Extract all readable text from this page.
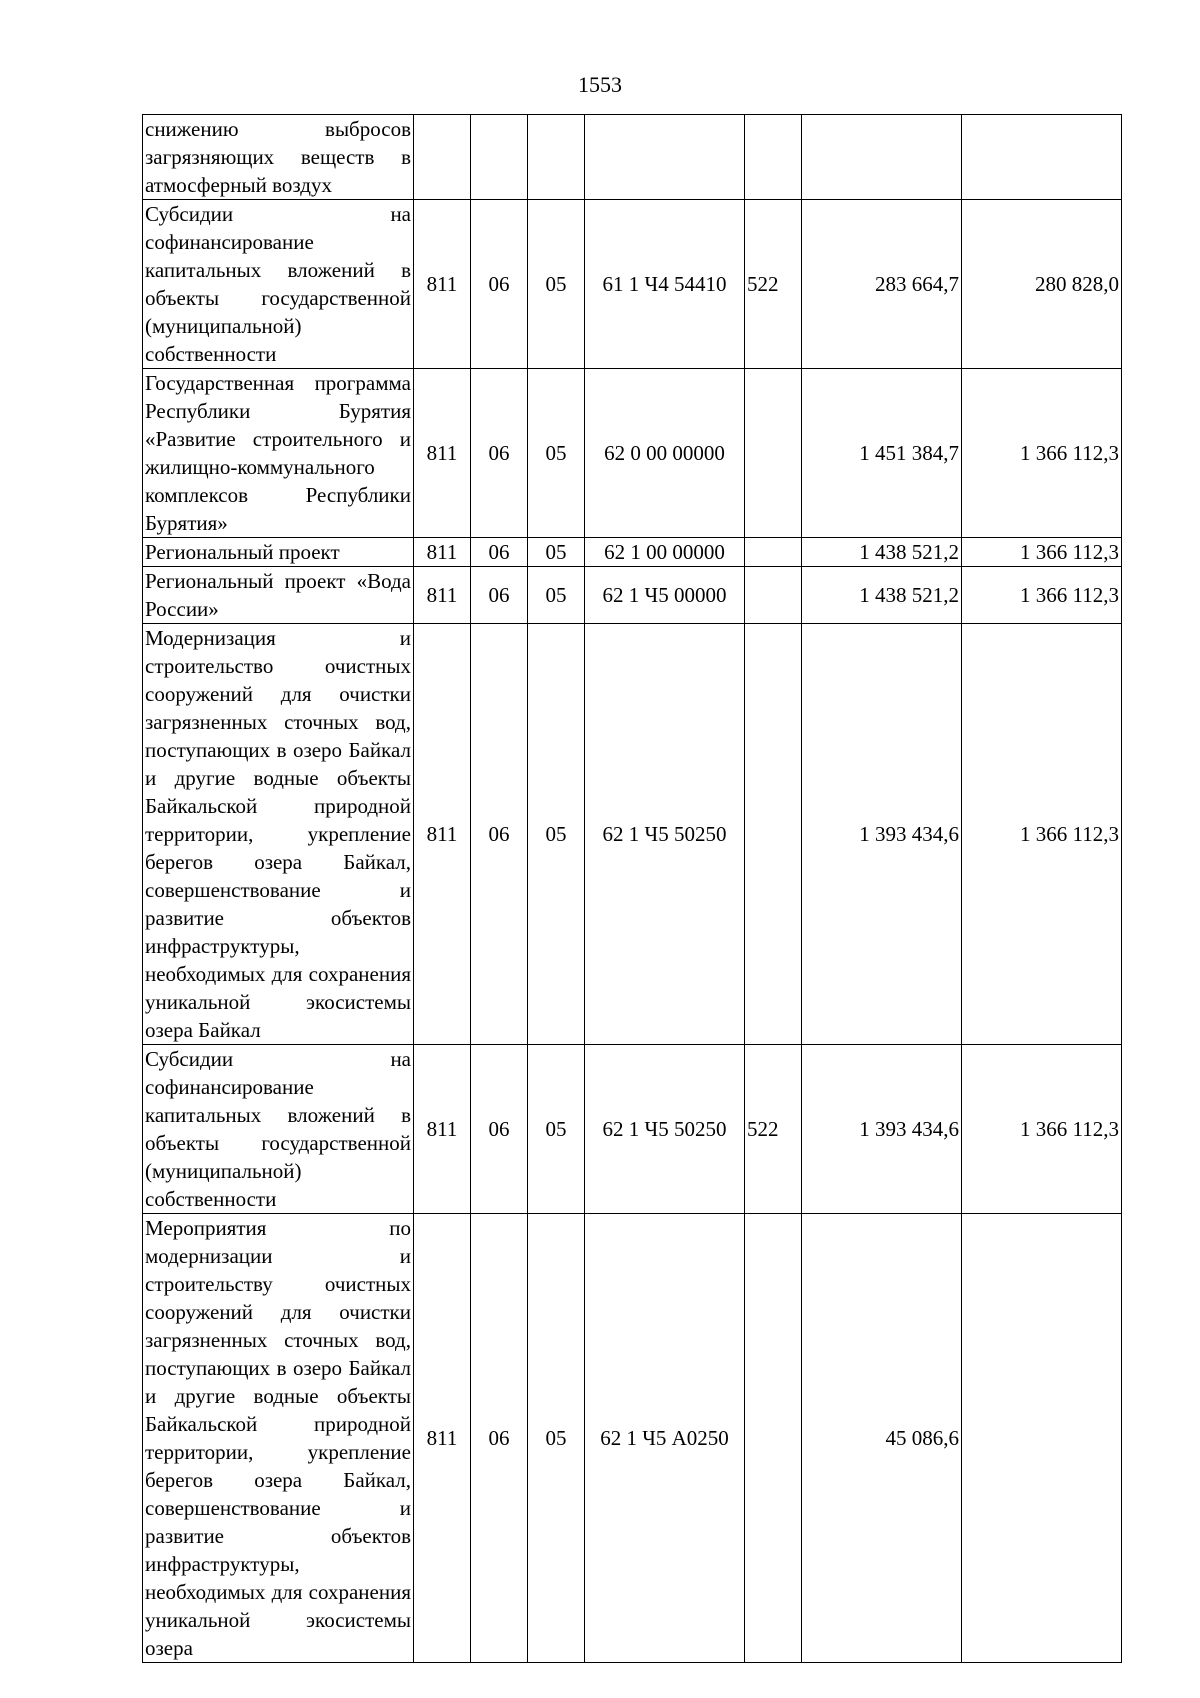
1553
снижению выбросов загрязняющих веществ в атмосферный воздух							
Субсидии на софинансирование капитальных вложений в объекты государственной (муниципальной) собственности	811	06	05	61 1 Ч4 54410	522	283 664,7	280 828,0
Государственная программа Республики Бурятия «Развитие строительного и жилищно-коммунального комплексов Республики Бурятия»	811	06	05	62 0 00 00000		1 451 384,7	1 366 112,3
Региональный проект	811	06	05	62 1 00 00000		1 438 521,2	1 366 112,3
Региональный проект «Вода России»	811	06	05	62 1 Ч5 00000		1 438 521,2	1 366 112,3
Модернизация и строительство очистных сооружений для очистки загрязненных сточных вод, поступающих в озеро Байкал и другие водные объекты Байкальской природной территории, укрепление берегов озера Байкал, совершенствование и развитие объектов инфраструктуры, необходимых для сохранения уникальной экосистемы озера Байкал	811	06	05	62 1 Ч5 50250		1 393 434,6	1 366 112,3
Субсидии на софинансирование капитальных вложений в объекты государственной (муниципальной) собственности	811	06	05	62 1 Ч5 50250	522	1 393 434,6	1 366 112,3
Мероприятия по модернизации и строительству очистных сооружений для очистки загрязненных сточных вод, поступающих в озеро Байкал и другие водные объекты Байкальской природной территории, укрепление берегов озера Байкал, совершенствование и развитие объектов инфраструктуры, необходимых для сохранения уникальной экосистемы озера	811	06	05	62 1 Ч5 А0250		45 086,6	
